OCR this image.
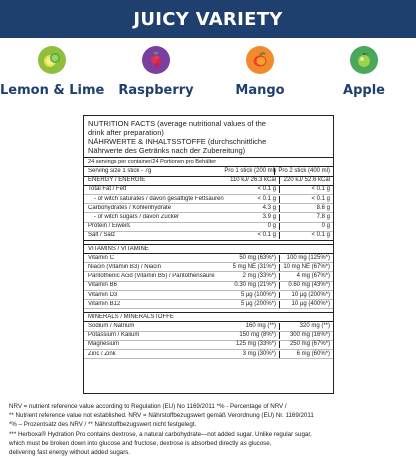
JUICY VARIETY
Lemon & Lime	Raspberry	Mango	Apple
NUTRITION FACTS (average nutritional values of the
drink after preparation)
NÄHRWERTE & INHALTSSTOFFE (durchschnittliche
Nährwerte des Getränks nach der Zubereitung)
24 servings per container/24 Portionen pro Behälter
Serving size 1 stick - 7g	Pro 1 stick (200 ml) Pro 2 stick (400 ml)
ENERGY / ENERGIE	110 kJ/ 26.3 kCal	220 kJ/ 52.6 kCal
Total Fat / Fett	< 0.1 g	< 0.1 g
- of witch saturates / davon gesättigte Fettsäuren	< 0.1 g	< 0.1 g
Carbohydrates / Kohlenhydrate	4.3 g	8.6 g
- of witch sugars / davon Zucker	3.9 g	7.8 g
Protein / Eiweiß	0 g	0 g
Salt / Salz	< 0.1 g	< 0.1 g
VITAMINS / VITAMINE
Vitamin C	50 mg (63%*)	100 mg (125%*)
Niacin (Vitamin B3) / Niacin	5 mg NE (31%*)	10 mg NE (67%*)
Pantothenic Acid (Vitamin B5) / Pantothensäure	2 mg (33%*)	4 mg (67%*)
Vitamin B6	0.30 mg (21%*)	0.60 mg (43%*)
Vitamin D3	5 µg (100%*)	10 µg (200%*)
Vitamin B12	5 µg (200%*)	10 µg (400%*)
MINERALS / MINERALSTOFFE
Sodium / Natrium	160 mg (**)	320 mg (**)
Potassium / Kalium	150 mg (8%*)	300 mg (16%*)
Magnesium	125 mg (33%*)	250 mg (67%*)
Zinc / Zink	3 mg (30%*)	6 mg (60%*)
NRV = nutrient reference value according to Regulation (EU) No 1169/2011 *% - Percentage of NRV /
** Nutrient reference value not established. NRV = Nährstoffbezugswert gemäß Verordnung (EU) Nr. 1169/2011
*% – Prozentsatz des NRV / ** Nährstoffbezugswert nicht festgelegt.
*** Herboxa® Hydration Pro contains dextrose, a natural carbohydrate—not added sugar. Unlike regular sugar,
which must be broken down into glucose and fructose, dextrose is absorbed directly as glucose,
delivering fast energy without added sugars.
